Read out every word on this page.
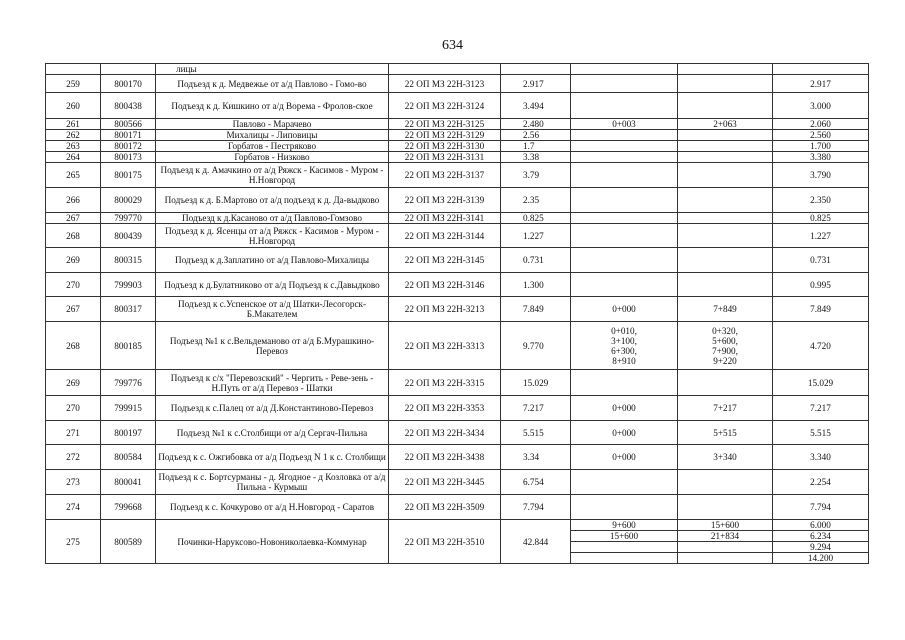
634
		лицы					
259	800170	Подъезд к д. Медвежье от а/д Павлово - Гомо-во	22 ОП МЗ 22Н-3123	2.917			2.917
260	800438	Подъезд к д. Кишкино от а/д Ворема - Фролов-ское	22 ОП МЗ 22Н-3124	3.494			3.000
261	800566	Павлово - Марачево	22 ОП МЗ 22Н-3125	2.480	0+003	2+063	2.060
262	800171	Михалицы - Липовицы	22 ОП МЗ 22Н-3129	2.56			2.560
263	800172	Горбатов - Пестряково	22 ОП МЗ 22Н-3130	1.7			1.700
264	800173	Горбатов - Низково	22 ОП МЗ 22Н-3131	3.38			3.380
265	800175	Подъезд к д. Амачкино от а/д Ряжск - Касимов - Муром - Н.Новгород	22 ОП МЗ 22Н-3137	3.79			3.790
266	800029	Подъезд к д. Б.Мартово от а/д подъезд к д. Да-выдково	22 ОП МЗ 22Н-3139	2.35			2.350
267	799770	Подъезд к д.Касаново от а/д Павлово-Гомзово	22 ОП МЗ 22Н-3141	0.825			0.825
268	800439	Подъезд к д. Ясенцы от а/д Ряжск - Касимов - Муром - Н.Новгород	22 ОП МЗ 22Н-3144	1.227			1.227
269	800315	Подъезд к д.Заплатино от а/д Павлово-Михалицы	22 ОП МЗ 22Н-3145	0.731			0.731
270	799903	Подъезд к д.Булатниково от а/д Подъезд к с.Давыдково	22 ОП МЗ 22Н-3146	1.300			0.995
267	800317	Подъезд к с.Успенское от а/д Шатки-Лесогорск-Б.Макателем	22 ОП МЗ 22Н-3213	7.849	0+000	7+849	7.849
268	800185	Подъезд №1 к с.Вельдеманово от а/д Б.Мурашкино-Перевоз	22 ОП МЗ 22Н-3313	9.770	0+010,
3+100,
6+300,
8+910	0+320,
5+600,
7+900,
9+220	4.720
269	799776	Подъезд к с/х "Перевозский" - Чергить - Реве-зень - Н.Путь от а/д Перевоз - Шатки	22 ОП МЗ 22Н-3315	15.029			15.029
270	799915	Подъезд к с.Палец от а/д Д.Константиново-Перевоз	22 ОП МЗ 22Н-3353	7.217	0+000	7+217	7.217
271	800197	Подъезд №1 к с.Столбищи от а/д Сергач-Пильна	22 ОП МЗ 22Н-3434	5.515	0+000	5+515	5.515
272	800584	Подъезд к с. Ожгибовка от а/д Подъезд N 1 к с. Столбищи	22 ОП МЗ 22Н-3438	3.34	0+000	3+340	3.340
273	800041	Подъезд к с. Бортсурманы - д. Ягодное - д Козловка от а/д Пильна - Курмыш	22 ОП МЗ 22Н-3445	6.754			2.254
274	799668	Подъезд к с. Кочкурово от а/д Н.Новгород - Саратов	22 ОП МЗ 22Н-3509	7.794			7.794
275	800589	Починки-Наруксово-Новониколаевка-Коммунар	22 ОП МЗ 22Н-3510	42.844	9+600	15+600	6.000
					15+600	21+834	6.234
							9.294
							14.200
